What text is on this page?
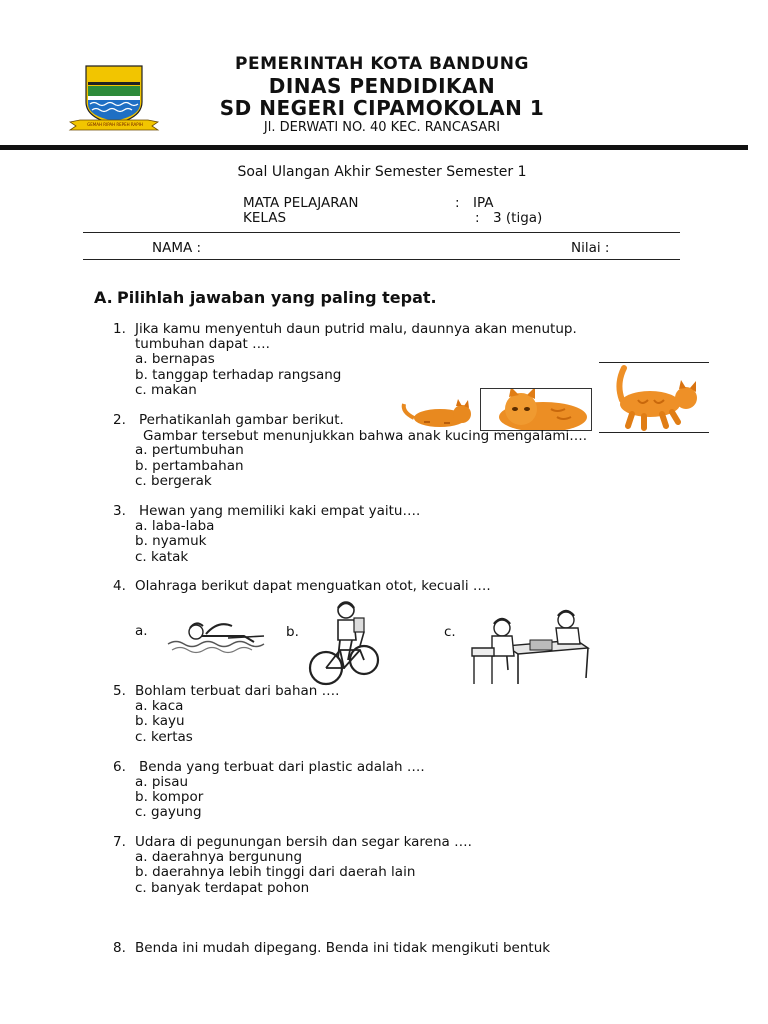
GEMAH RIPAH REPEH RAPIH
PEMERINTAH KOTA BANDUNG
DINAS PENDIDIKAN
SD NEGERI CIPAMOKOLAN 1
Jl. DERWATI NO. 40 KEC. RANCASARI
Soal Ulangan Akhir Semester Semester 1
MATA PELAJARAN	: IPA
KELAS	: 3 (tiga)
NAMA :	Nilai :
A. Pilihlah jawaban yang paling tepat.
1. Jika kamu menyentuh daun putrid malu, daunnya akan menutup.
tumbuhan dapat ….
a. bernapas
b. tanggap terhadap rangsang
c. makan
2. Perhatikanlah gambar berikut.
Gambar tersebut menunjukkan bahwa anak kucing mengalami….
a. pertumbuhan
b. pertambahan
c. bergerak
3. Hewan yang memiliki kaki empat yaitu….
a. laba-laba
b. nyamuk
c. katak
4. Olahraga berikut dapat menguatkan otot, kecuali ….
a.	b.	c.
5. Bohlam terbuat dari bahan ….
a. kaca
b. kayu
c. kertas
6. Benda yang terbuat dari plastic adalah ….
a. pisau
b. kompor
c. gayung
7. Udara di pegunungan bersih dan segar karena ….
a. daerahnya bergunung
b. daerahnya lebih tinggi dari daerah lain
c. banyak terdapat pohon
8. Benda ini mudah dipegang. Benda ini tidak mengikuti bentuk
